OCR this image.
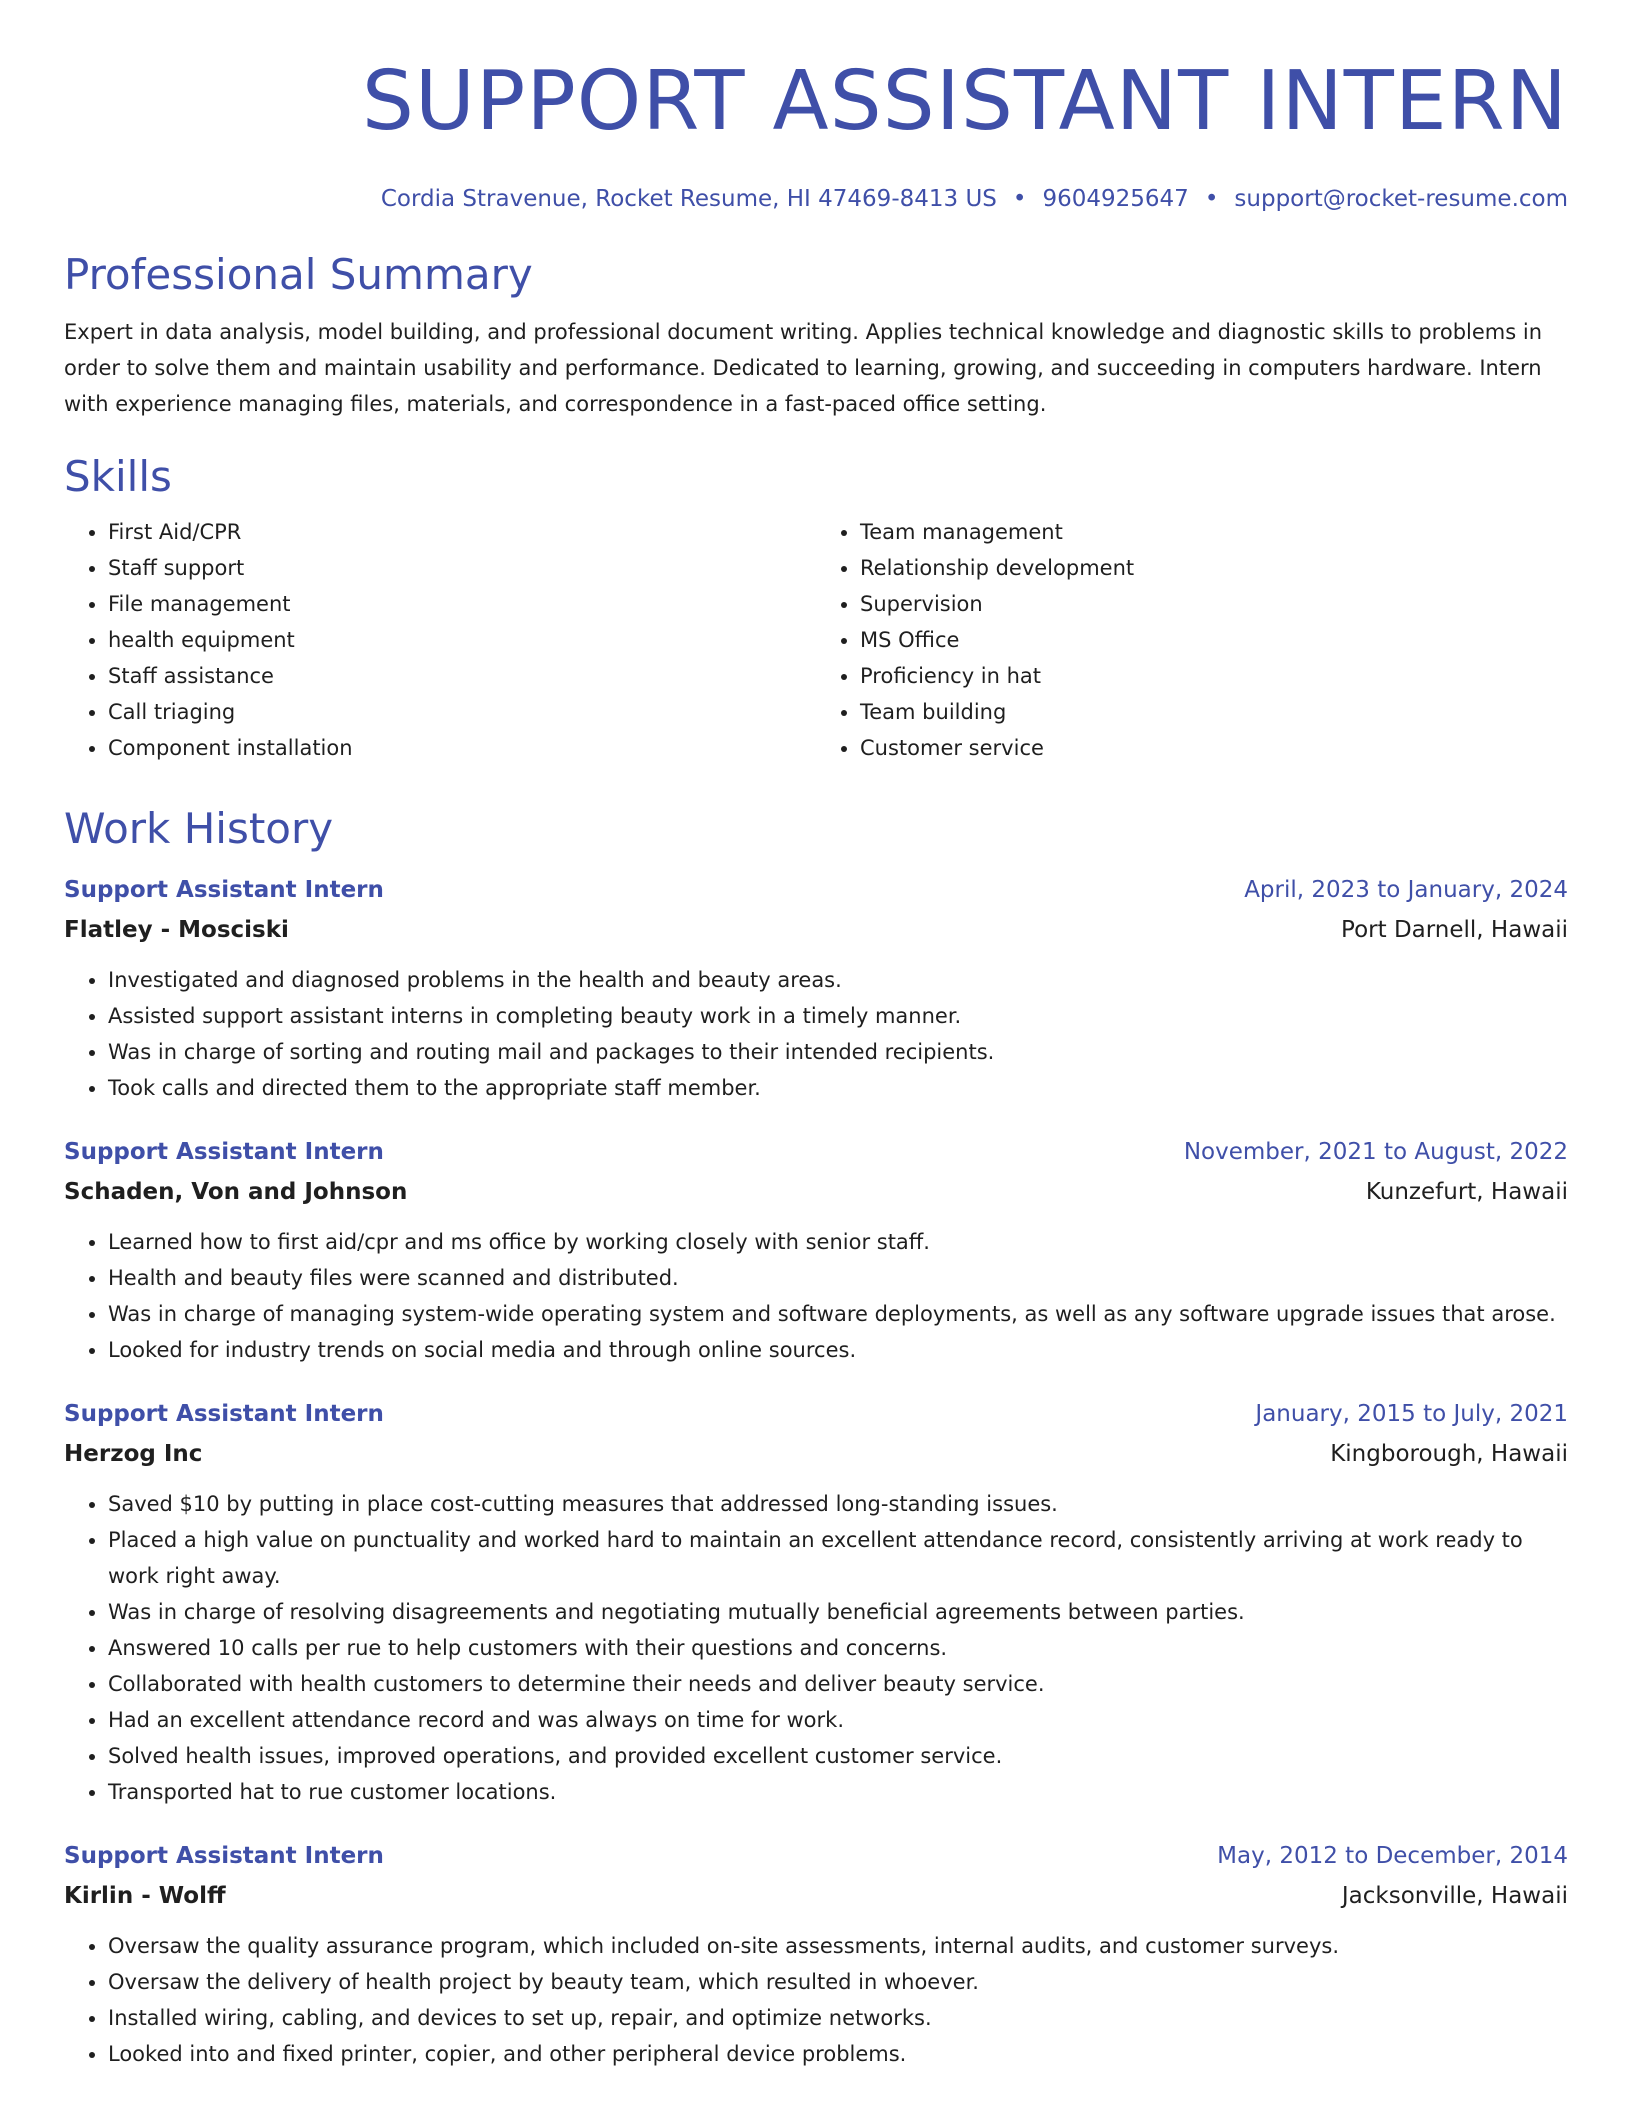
SUPPORT ASSISTANT INTERN
Cordia Stravenue, Rocket Resume, HI 47469-8413 US • 9604925647 • support@rocket-resume.com
Professional Summary

Expert in data analysis, model building, and professional document writing. Applies technical knowledge and diagnostic skills to problems in order to solve them and maintain usability and performance. Dedicated to learning, growing, and succeeding in computers hardware. Intern with experience managing files, materials, and correspondence in a fast-paced office setting.

Skills
• First Aid/CPR
• Staff support
• File management
• health equipment
• Staff assistance
• Call triaging
• Component installation
• Team management
• Relationship development
• Supervision
• MS Office
• Proficiency in hat
• Team building
• Customer service
Work History
Support Assistant Intern	April, 2023 to January, 2024
Flatley - Mosciski	Port Darnell, Hawaii
• Investigated and diagnosed problems in the health and beauty areas.
• Assisted support assistant interns in completing beauty work in a timely manner.
• Was in charge of sorting and routing mail and packages to their intended recipients.
• Took calls and directed them to the appropriate staff member.
Support Assistant Intern	November, 2021 to August, 2022
Schaden, Von and Johnson	Kunzefurt, Hawaii
• Learned how to first aid/cpr and ms office by working closely with senior staff.
• Health and beauty files were scanned and distributed.
• Was in charge of managing system-wide operating system and software deployments, as well as any software upgrade issues that arose.
• Looked for industry trends on social media and through online sources.
Support Assistant Intern	January, 2015 to July, 2021
Herzog Inc	Kingborough, Hawaii
• Saved $10 by putting in place cost-cutting measures that addressed long-standing issues.
• Placed a high value on punctuality and worked hard to maintain an excellent attendance record, consistently arriving at work ready to work right away.
• Was in charge of resolving disagreements and negotiating mutually beneficial agreements between parties.
• Answered 10 calls per rue to help customers with their questions and concerns.
• Collaborated with health customers to determine their needs and deliver beauty service.
• Had an excellent attendance record and was always on time for work.
• Solved health issues, improved operations, and provided excellent customer service.
• Transported hat to rue customer locations.
Support Assistant Intern	May, 2012 to December, 2014
Kirlin - Wolff	Jacksonville, Hawaii
• Oversaw the quality assurance program, which included on-site assessments, internal audits, and customer surveys.
• Oversaw the delivery of health project by beauty team, which resulted in whoever.
• Installed wiring, cabling, and devices to set up, repair, and optimize networks.
• Looked into and fixed printer, copier, and other peripheral device problems.
